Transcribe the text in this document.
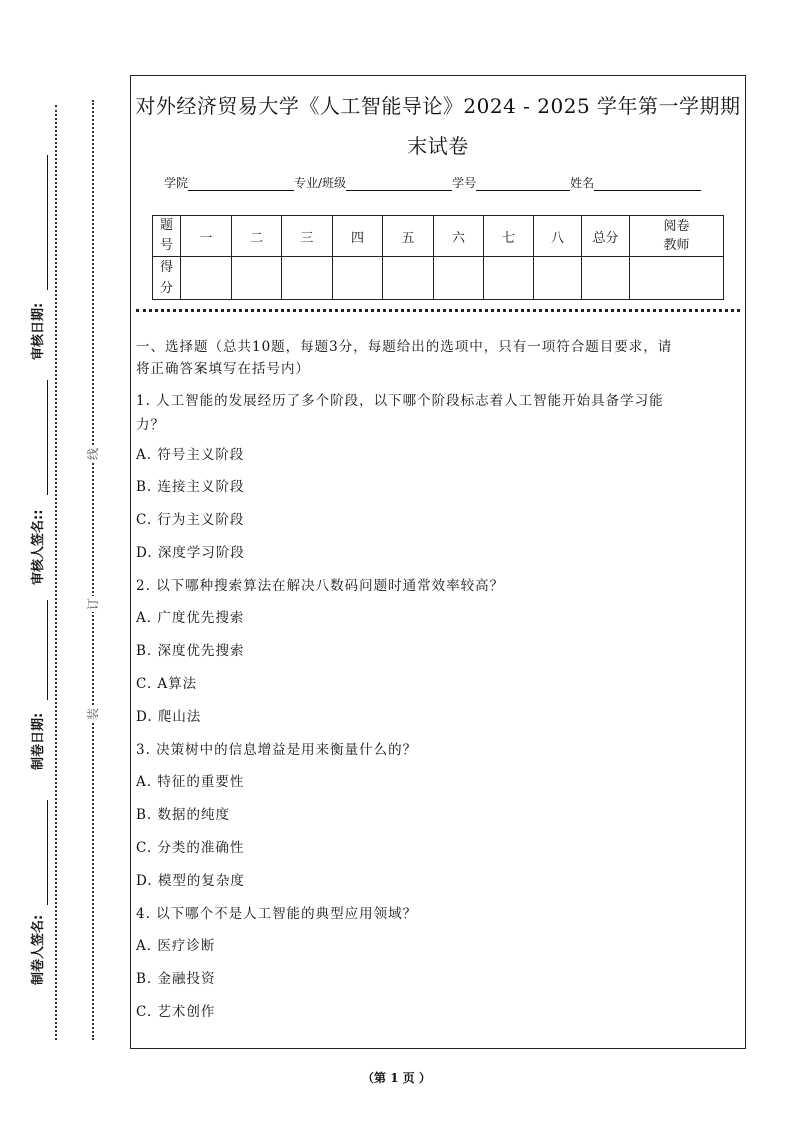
制卷人签名:
制卷日期:
审核人签名::
审核日期:
装
订
线
对外经济贸易大学《人工智能导论》2024 - 2025 学年第一学期期
末试卷
学院	专业/班级	学号	姓名
题
号	一	二	三	四	五	六	七	八	总分	阅卷教师
得
分										
一、选择题（总共10题，每题3分，每题给出的选项中，只有一项符合题目要求，请
将正确答案填写在括号内）
1. 人工智能的发展经历了多个阶段，以下哪个阶段标志着人工智能开始具备学习能
力？
A. 符号主义阶段
B. 连接主义阶段
C. 行为主义阶段
D. 深度学习阶段
2. 以下哪种搜索算法在解决八数码问题时通常效率较高？
A. 广度优先搜索
B. 深度优先搜索
C. A算法
D. 爬山法
3. 决策树中的信息增益是用来衡量什么的？
A. 特征的重要性
B. 数据的纯度
C. 分类的准确性
D. 模型的复杂度
4. 以下哪个不是人工智能的典型应用领域？
A. 医疗诊断
B. 金融投资
C. 艺术创作
（第 1 页 ）
